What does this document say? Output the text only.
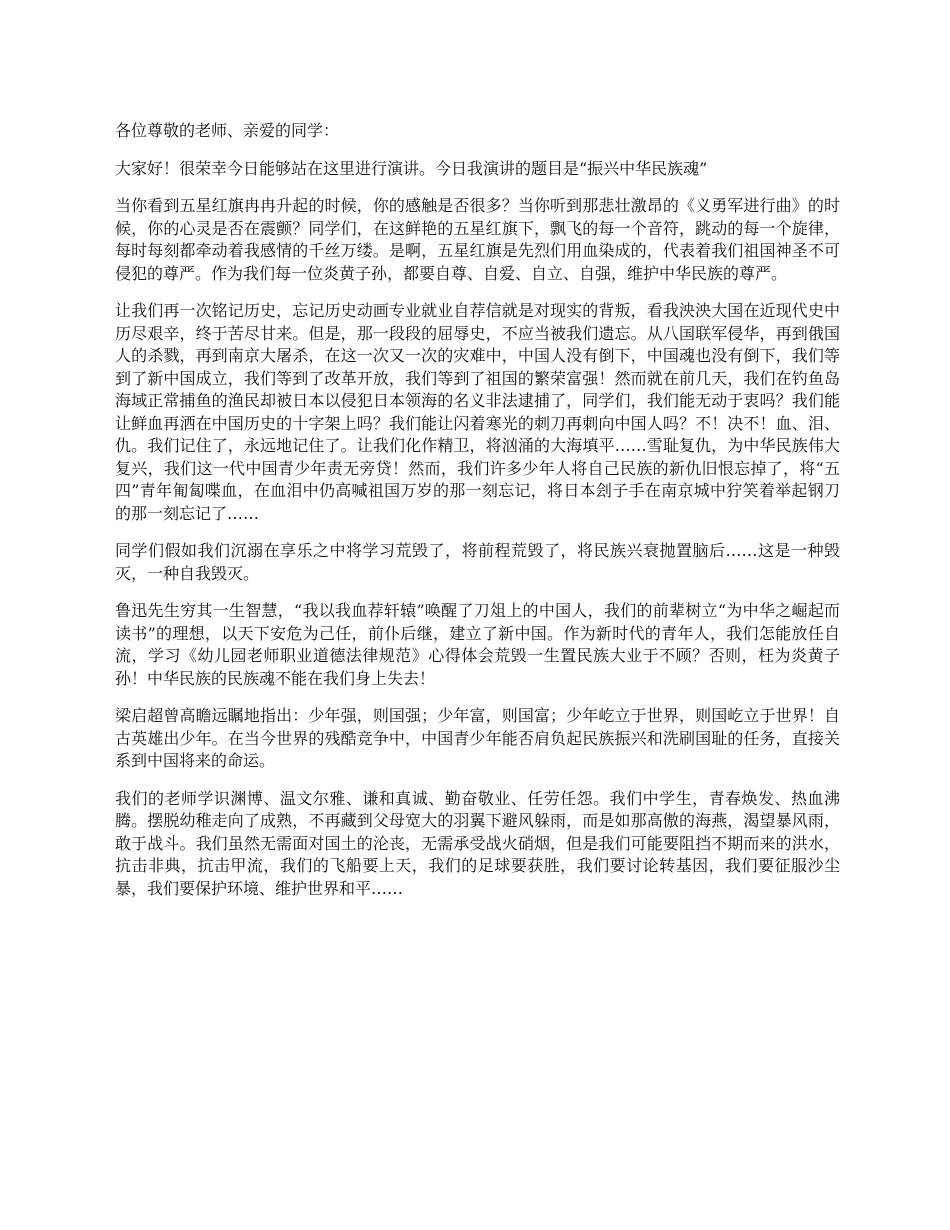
各位尊敬的老师、亲爱的同学：

大家好！很荣幸今日能够站在这里进行演讲。今日我演讲的题目是“振兴中华民族魂”

当你看到五星红旗冉冉升起的时候，你的感触是否很多？当你听到那悲壮激昂的《义勇军进行曲》的时候，你的心灵是否在震颤？同学们，在这鲜艳的五星红旗下，飘飞的每一个音符，跳动的每一个旋律，每时每刻都牵动着我感情的千丝万缕。是啊，五星红旗是先烈们用血染成的，代表着我们祖国神圣不可侵犯的尊严。作为我们每一位炎黄子孙，都要自尊、自爱、自立、自强，维护中华民族的尊严。

让我们再一次铭记历史，忘记历史动画专业就业自荐信就是对现实的背叛，看我泱泱大国在近现代史中历尽艰辛，终于苦尽甘来。但是，那一段段的屈辱史，不应当被我们遗忘。从八国联军侵华，再到俄国人的杀戮，再到南京大屠杀，在这一次又一次的灾难中，中国人没有倒下，中国魂也没有倒下，我们等到了新中国成立，我们等到了改革开放，我们等到了祖国的繁荣富强！然而就在前几天，我们在钓鱼岛海域正常捕鱼的渔民却被日本以侵犯日本领海的名义非法逮捕了，同学们，我们能无动于衷吗？我们能让鲜血再洒在中国历史的十字架上吗？我们能让闪着寒光的刺刀再刺向中国人吗？不！决不！血、泪、仇。我们记住了，永远地记住了。让我们化作精卫，将汹涌的大海填平……雪耻复仇，为中华民族伟大复兴，我们这一代中国青少年责无旁贷！然而，我们许多少年人将自己民族的新仇旧恨忘掉了，将“五四”青年匍匐喋血，在血泪中仍高喊祖国万岁的那一刻忘记，将日本刽子手在南京城中狞笑着举起钢刀的那一刻忘记了……

同学们假如我们沉溺在享乐之中将学习荒毁了，将前程荒毁了，将民族兴衰抛置脑后……这是一种毁灭，一种自我毁灭。

鲁迅先生穷其一生智慧，“我以我血荐轩辕”唤醒了刀俎上的中国人，我们的前辈树立“为中华之崛起而读书”的理想，以天下安危为己任，前仆后继，建立了新中国。作为新时代的青年人，我们怎能放任自流，学习《幼儿园老师职业道德法律规范》心得体会荒毁一生置民族大业于不顾？否则，枉为炎黄子孙！中华民族的民族魂不能在我们身上失去！

梁启超曾高瞻远瞩地指出：少年强，则国强；少年富，则国富；少年屹立于世界，则国屹立于世界！自古英雄出少年。在当今世界的残酷竞争中，中国青少年能否肩负起民族振兴和洗刷国耻的任务，直接关系到中国将来的命运。

我们的老师学识渊博、温文尔雅、谦和真诚、勤奋敬业、任劳任怨。我们中学生，青春焕发、热血沸腾。摆脱幼稚走向了成熟，不再藏到父母宽大的羽翼下避风躲雨，而是如那高傲的海燕，渴望暴风雨，敢于战斗。我们虽然无需面对国土的沦丧，无需承受战火硝烟，但是我们可能要阻挡不期而来的洪水，抗击非典，抗击甲流，我们的飞船要上天，我们的足球要获胜，我们要讨论转基因，我们要征服沙尘暴，我们要保护环境、维护世界和平……
